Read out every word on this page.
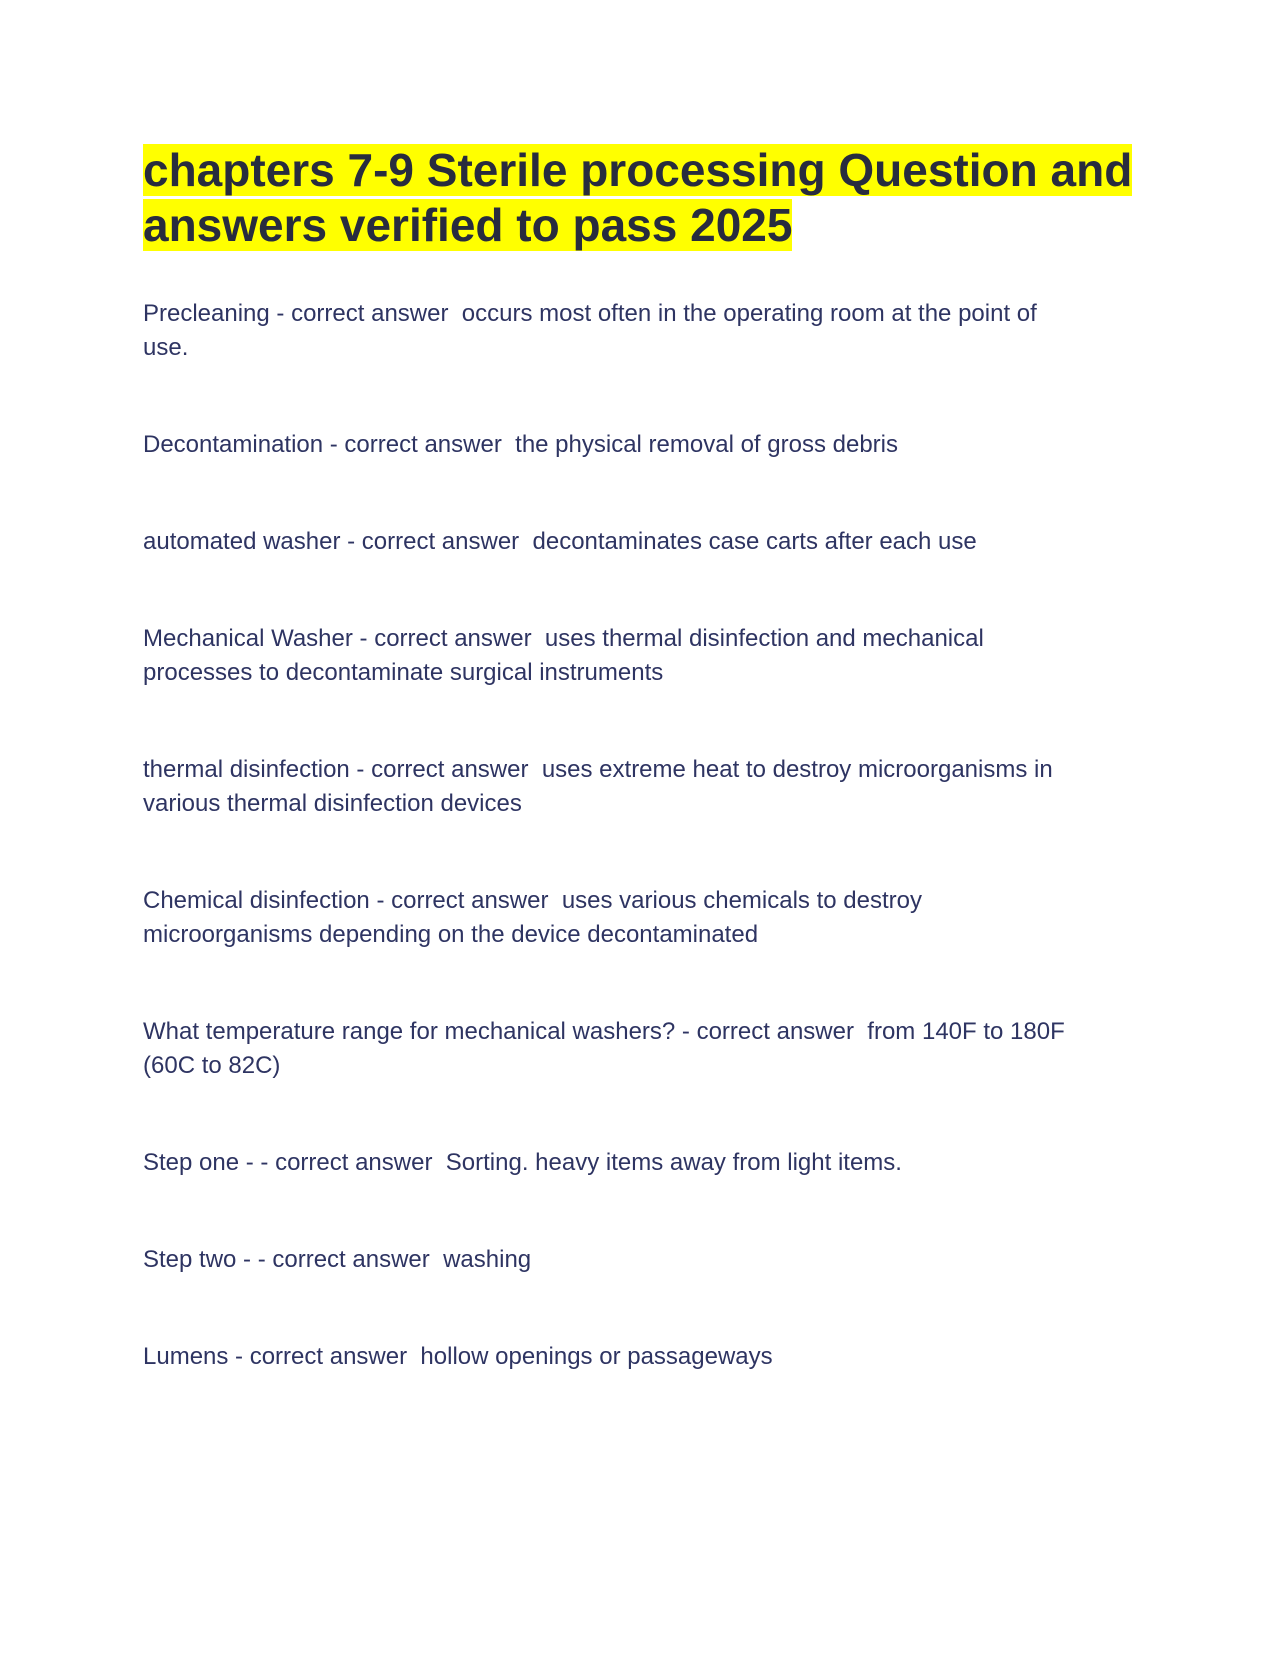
chapters 7-9 Sterile processing Question and answers verified to pass 2025

Precleaning - correct answer  occurs most often in the operating room at the point of use.

Decontamination - correct answer  the physical removal of gross debris

automated washer - correct answer  decontaminates case carts after each use

Mechanical Washer - correct answer  uses thermal disinfection and mechanical processes to decontaminate surgical instruments

thermal disinfection - correct answer  uses extreme heat to destroy microorganisms in various thermal disinfection devices

Chemical disinfection - correct answer  uses various chemicals to destroy microorganisms depending on the device decontaminated

What temperature range for mechanical washers? - correct answer  from 140F to 180F (60C to 82C)

Step one - - correct answer  Sorting. heavy items away from light items.

Step two - - correct answer  washing

Lumens - correct answer  hollow openings or passageways
